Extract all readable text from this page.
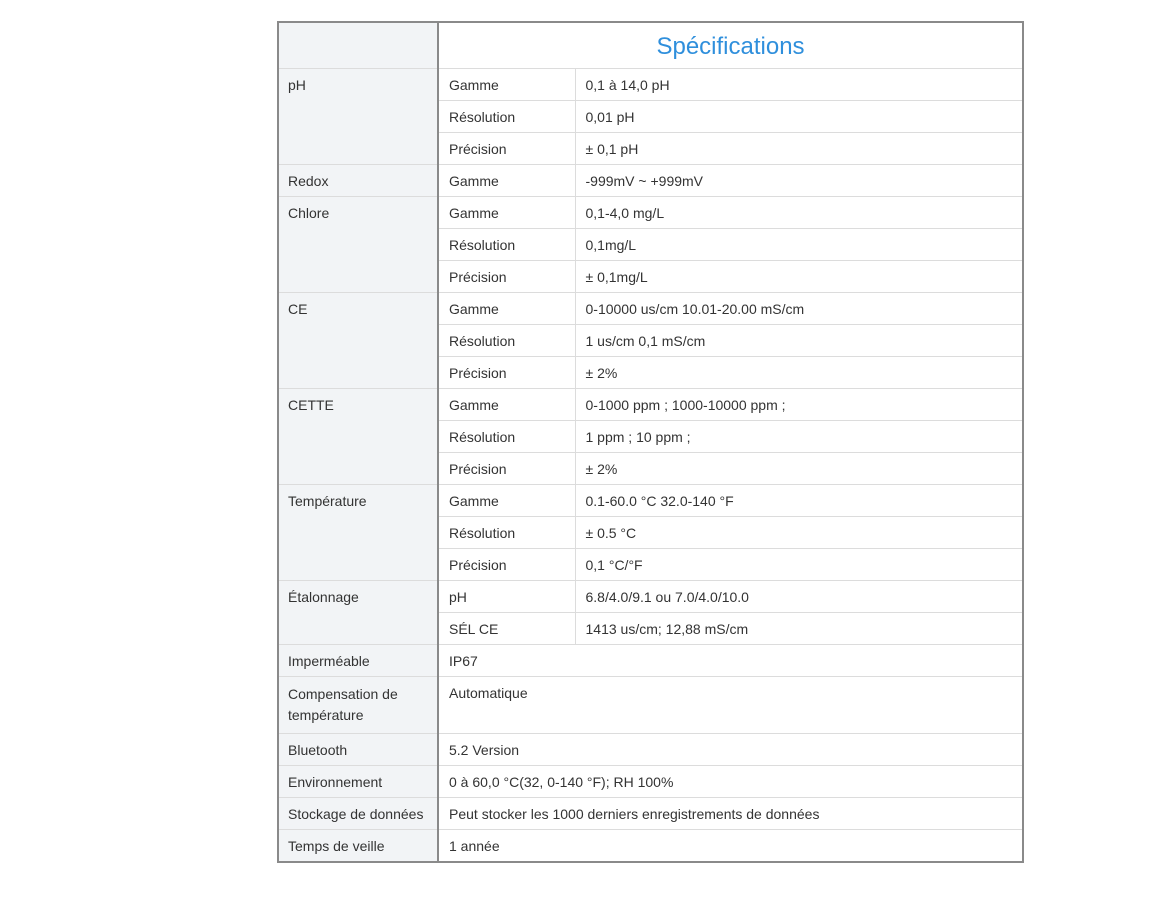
	Spécifications	
pH	Gamme	0,1 à 14,0 pH
	Résolution	0,01 pH
	Précision	± 0,1 pH
Redox	Gamme	-999mV ~ +999mV
Chlore	Gamme	0,1-4,0 mg/L
	Résolution	0,1mg/L
	Précision	± 0,1mg/L
CE	Gamme	0-10000 us/cm 10.01-20.00 mS/cm
	Résolution	1 us/cm 0,1 mS/cm
	Précision	± 2%
CETTE	Gamme	0-1000 ppm ; 1000-10000 ppm ;
	Résolution	1 ppm ; 10 ppm ;
	Précision	± 2%
Température	Gamme	0.1-60.0 °C 32.0-140 °F
	Résolution	± 0.5 °C
	Précision	0,1 °C/°F
Étalonnage	pH	6.8/4.0/9.1 ou 7.0/4.0/10.0
	SÉL CE	1413 us/cm; 12,88 mS/cm
Imperméable	IP67	
Compensation de température	Automatique	
Bluetooth	5.2 Version	
Environnement	0 à 60,0 °C(32, 0-140 °F); RH 100%	
Stockage de données	Peut stocker les 1000 derniers enregistrements de données	
Temps de veille	1 année	
